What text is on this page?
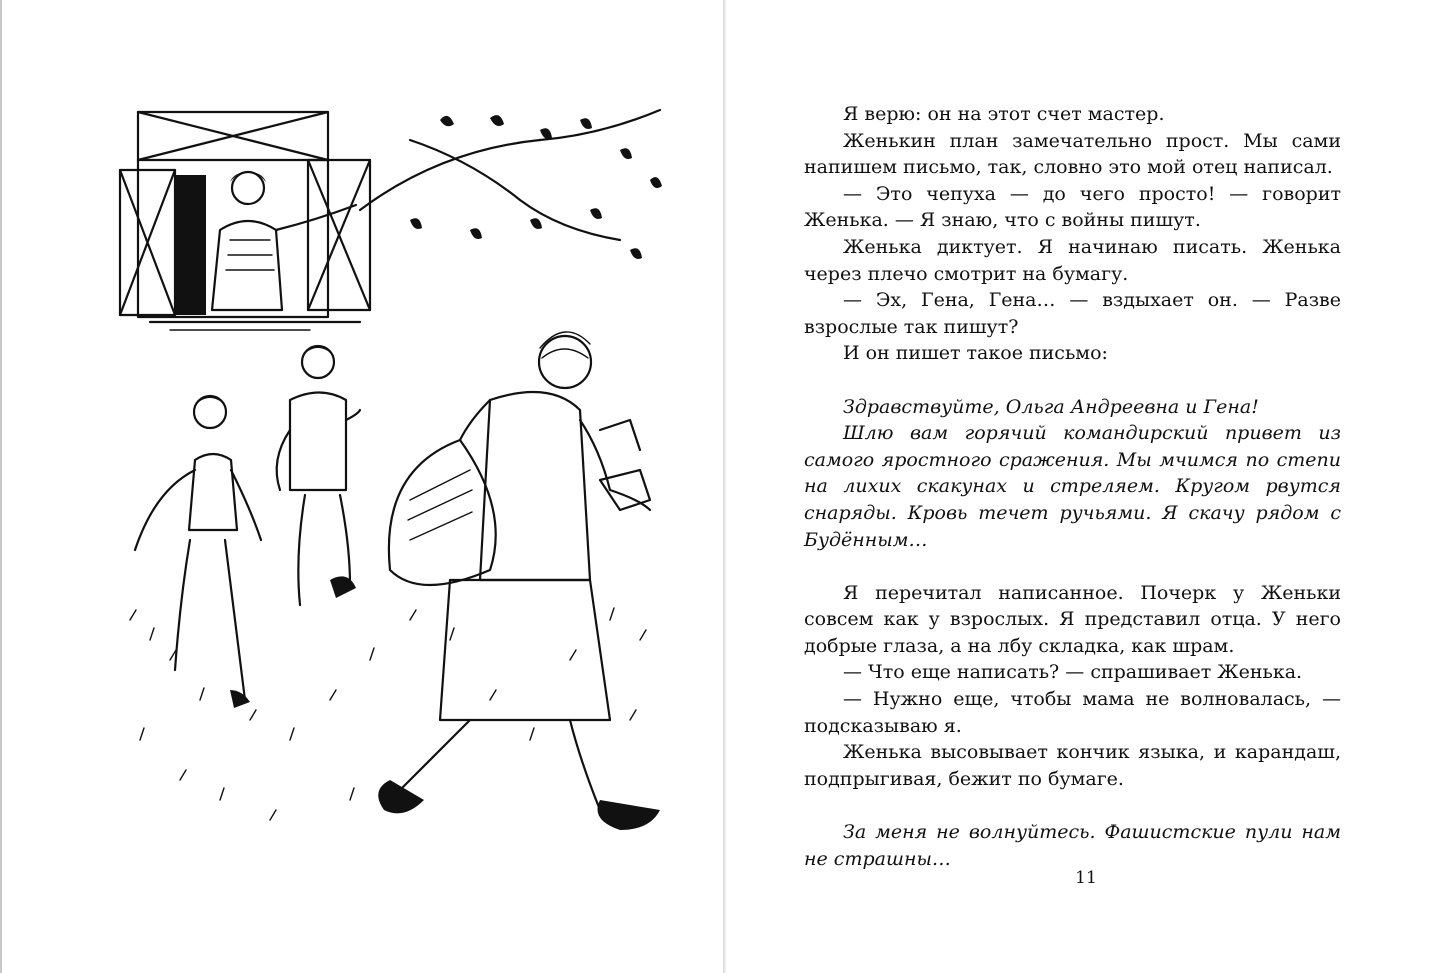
Я верю: он на этот счет мастер.

Женькин план замечательно прост. Мы сами напишем письмо, так, словно это мой отец написал.

— Это чепуха — до чего просто! — говорит Женька. — Я знаю, что с войны пишут.

Женька диктует. Я начинаю писать. Женька через плечо смотрит на бумагу.

— Эх, Гена, Гена… — вздыхает он. — Разве взрослые так пишут?

И он пишет такое письмо:

Здравствуйте, Ольга Андреевна и Гена!

Шлю вам горячий командирский привет из самого яростного сражения. Мы мчимся по степи на лихих скакунах и стреляем. Кругом рвутся снаряды. Кровь течет ручьями. Я скачу рядом с Будённым…

Я перечитал написанное. Почерк у Женьки совсем как у взрослых. Я представил отца. У него добрые глаза, а на лбу складка, как шрам.

— Что еще написать? — спрашивает Женька.

— Нужно еще, чтобы мама не волновалась, — подсказываю я.

Женька высовывает кончик языка, и карандаш, подпрыгивая, бежит по бумаге.

За меня не волнуйтесь. Фашистские пули нам не страшны…

11
